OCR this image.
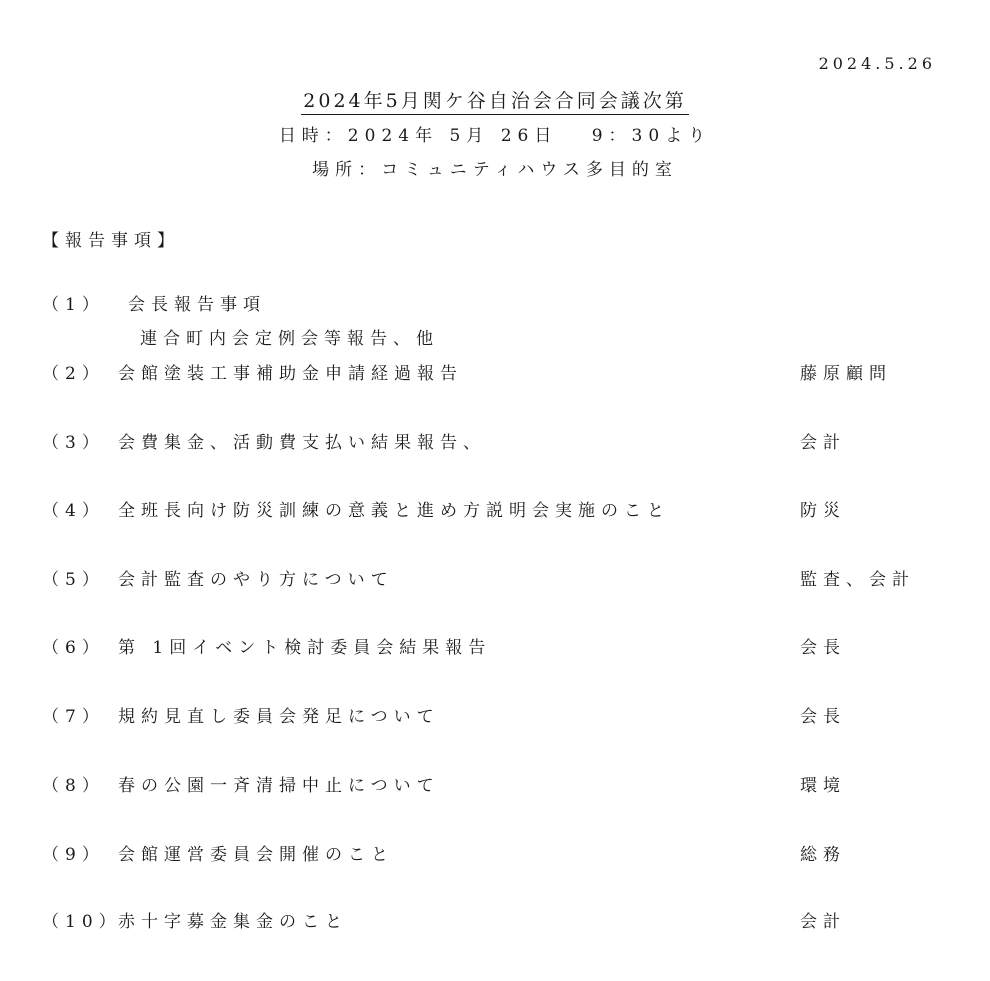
2024.5.26
2024年5月関ケ谷自治会合同会議次第
日時：2024年 5月 26日　 9：30より
場所：コミュニティハウス多目的室
【報告事項】
（1） 会長報告事項
連合町内会定例会等報告、他
（2） 会館塗装工事補助金申請経過報告	藤原顧問
（3） 会費集金、活動費支払い結果報告、	会計
（4） 全班長向け防災訓練の意義と進め方説明会実施のこと	防災
（5） 会計監査のやり方について	監査、会計
（6） 第 1回イベント検討委員会結果報告	会長
（7） 規約見直し委員会発足について	会長
（8） 春の公園一斉清掃中止について	環境
（9） 会館運営委員会開催のこと	総務
（10）赤十字募金集金のこと	会計
